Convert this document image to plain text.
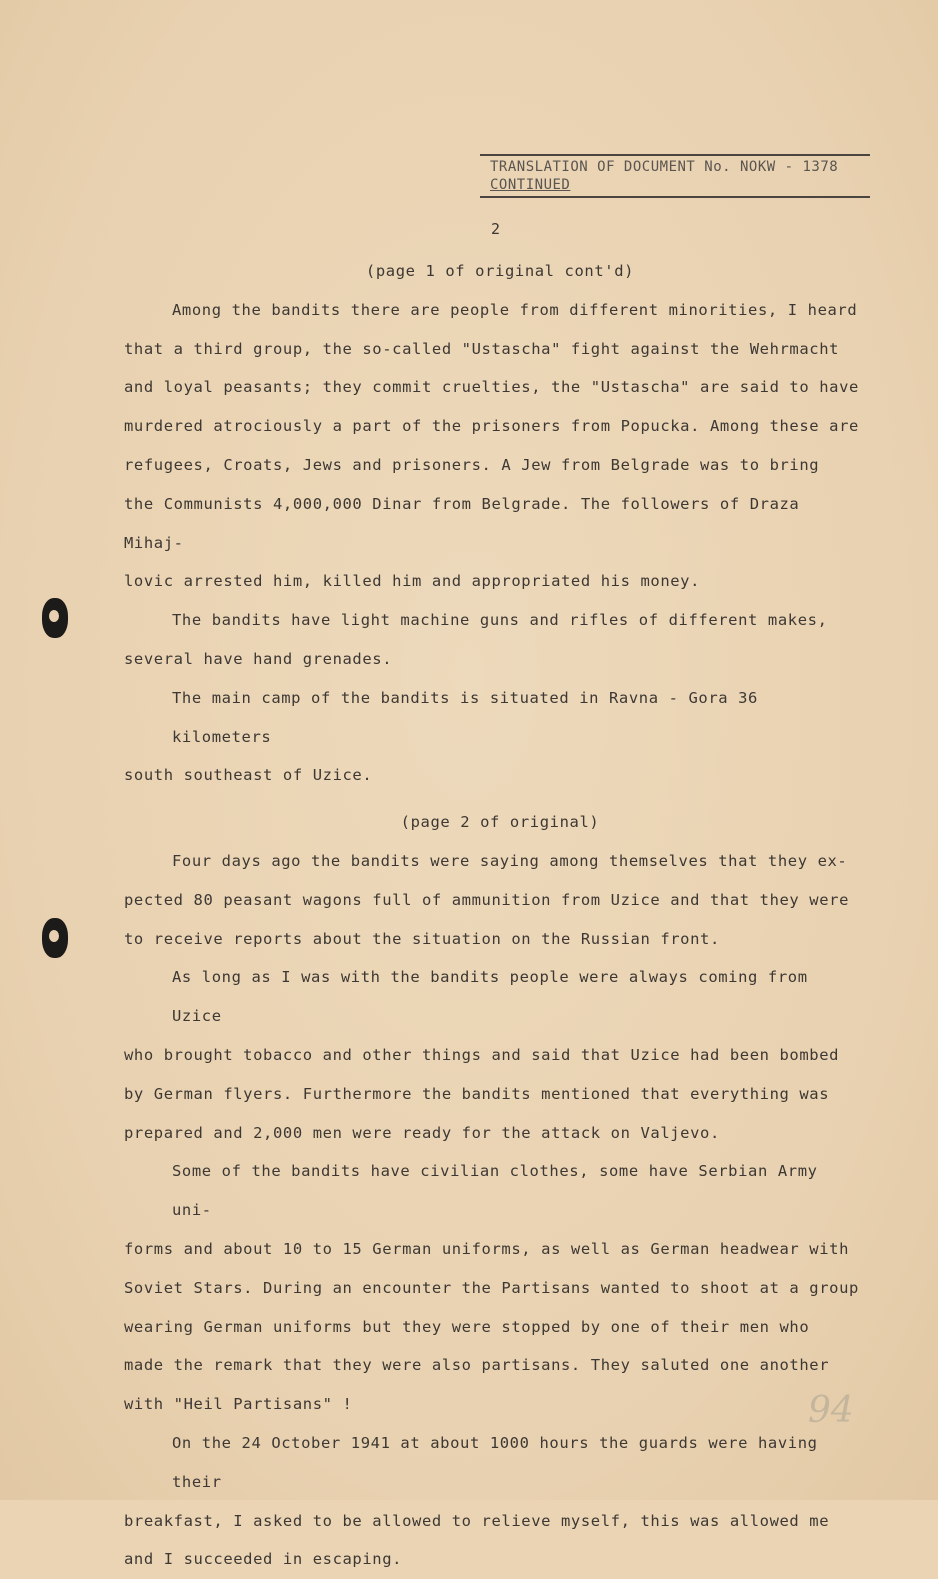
TRANSLATION OF DOCUMENT No. NOKW - 1378
CONTINUED
2
(page 1 of original cont'd)
Among the bandits there are people from different minorities, I heard
that a third group, the so-called "Ustascha" fight against the Wehrmacht
and loyal peasants; they commit cruelties, the "Ustascha" are said to have
murdered atrociously a part of the prisoners from Popucka. Among these are
refugees, Croats, Jews and prisoners. A Jew from Belgrade was to bring
the Communists 4,000,000 Dinar from Belgrade. The followers of Draza Mihaj-
lovic arrested him, killed him and appropriated his money.
The bandits have light machine guns and rifles of different makes,
several have hand grenades.
The main camp of the bandits is situated in Ravna - Gora 36 kilometers
south southeast of Uzice.
(page 2 of original)
Four days ago the bandits were saying among themselves that they ex-
pected 80 peasant wagons full of ammunition from Uzice and that they were
to receive reports about the situation on the Russian front.
As long as I was with the bandits people were always coming from Uzice
who brought tobacco and other things and said that Uzice had been bombed
by German flyers. Furthermore the bandits mentioned that everything was
prepared and 2,000 men were ready for the attack on Valjevo.
Some of the bandits have civilian clothes, some have Serbian Army uni-
forms and about 10 to 15 German uniforms, as well as German headwear with
Soviet Stars. During an encounter the Partisans wanted to shoot at a group
wearing German uniforms but they were stopped by one of their men who
made the remark that they were also partisans. They saluted one another
with "Heil Partisans" !
On the 24 October 1941 at about 1000 hours the guards were having their
breakfast, I asked to be allowed to relieve myself, this was allowed me
and I succeeded in escaping.
94
